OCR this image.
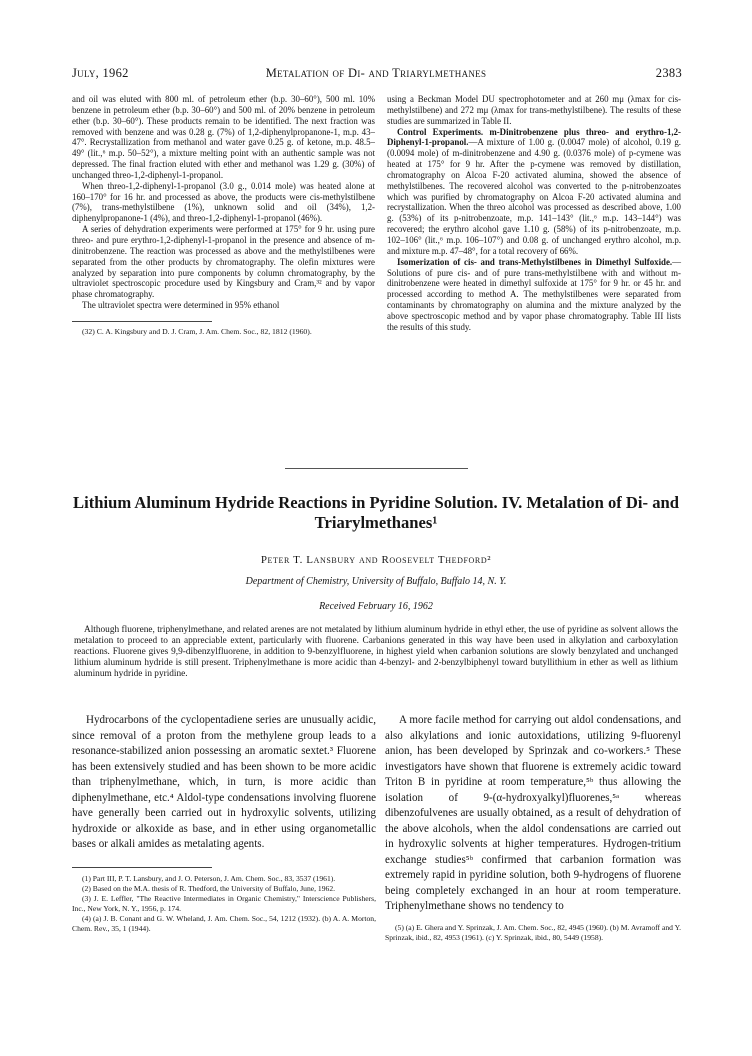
July, 1962	Metalation of Di- and Triarylmethanes	2383

and oil was eluted with 800 ml. of petroleum ether (b.p. 30–60°), 500 ml. 10% benzene in petroleum ether (b.p. 30–60°) and 500 ml. of 20% benzene in petroleum ether (b.p. 30–60°). These products remain to be identified. The next fraction was removed with benzene and was 0.28 g. (7%) of 1,2-diphenylpropanone-1, m.p. 43–47°. Recrystallization from methanol and water gave 0.25 g. of ketone, m.p. 48.5–49° (lit.,⁶ m.p. 50–52°), a mixture melting point with an authentic sample was not depressed. The final fraction eluted with ether and methanol was 1.29 g. (30%) of unchanged threo-1,2-diphenyl-1-propanol.

When threo-1,2-diphenyl-1-propanol (3.0 g., 0.014 mole) was heated alone at 160–170° for 16 hr. and processed as above, the products were cis-methylstilbene (7%), trans-methylstilbene (1%), unknown solid and oil (34%), 1,2-diphenylpropanone-1 (4%), and threo-1,2-diphenyl-1-propanol (46%).

A series of dehydration experiments were performed at 175° for 9 hr. using pure threo- and pure erythro-1,2-diphenyl-1-propanol in the presence and absence of m-dinitrobenzene. The reaction was processed as above and the methylstilbenes were separated from the other products by chromatography. The olefin mixtures were analyzed by separation into pure components by column chromatography, by the ultraviolet spectroscopic procedure used by Kingsbury and Cram,³² and by vapor phase chromatography.

The ultraviolet spectra were determined in 95% ethanol

(32) C. A. Kingsbury and D. J. Cram, J. Am. Chem. Soc., 82, 1812 (1960).

using a Beckman Model DU spectrophotometer and at 260 mμ (λmax for cis-methylstilbene) and 272 mμ (λmax for trans-methylstilbene). The results of these studies are summarized in Table II.

Control Experiments. m-Dinitrobenzene plus threo- and erythro-1,2-Diphenyl-1-propanol.—A mixture of 1.00 g. (0.0047 mole) of alcohol, 0.19 g. (0.0094 mole) of m-dinitrobenzene and 4.90 g. (0.0376 mole) of p-cymene was heated at 175° for 9 hr. After the p-cymene was removed by distillation, chromatography on Alcoa F-20 activated alumina, showed the absence of methylstilbenes. The recovered alcohol was converted to the p-nitrobenzoates which was purified by chromatography on Alcoa F-20 activated alumina and recrystallization. When the threo alcohol was processed as described above, 1.00 g. (53%) of its p-nitrobenzoate, m.p. 141–143° (lit.,⁶ m.p. 143–144°) was recovered; the erythro alcohol gave 1.10 g. (58%) of its p-nitrobenzoate, m.p. 102–106° (lit.,⁶ m.p. 106–107°) and 0.08 g. of unchanged erythro alcohol, m.p. and mixture m.p. 47–48°, for a total recovery of 66%.

Isomerization of cis- and trans-Methylstilbenes in Dimethyl Sulfoxide.—Solutions of pure cis- and of pure trans-methylstilbene with and without m-dinitrobenzene were heated in dimethyl sulfoxide at 175° for 9 hr. or 45 hr. and processed according to method A. The methylstilbenes were separated from contaminants by chromatography on alumina and the mixture analyzed by the above spectroscopic method and by vapor phase chromatography. Table III lists the results of this study.

Lithium Aluminum Hydride Reactions in Pyridine Solution. IV. Metalation of Di- and Triarylmethanes¹
Peter T. Lansbury and Roosevelt Thedford²
Department of Chemistry, University of Buffalo, Buffalo 14, N. Y.
Received February 16, 1962
Although fluorene, triphenylmethane, and related arenes are not metalated by lithium aluminum hydride in ethyl ether, the use of pyridine as solvent allows the metalation to proceed to an appreciable extent, particularly with fluorene. Carbanions generated in this way have been used in alkylation and carboxylation reactions. Fluorene gives 9,9-dibenzylfluorene, in addition to 9-benzylfluorene, in highest yield when carbanion solutions are slowly benzylated and unchanged lithium aluminum hydride is still present. Triphenylmethane is more acidic than 4-benzyl- and 2-benzylbiphenyl toward butyllithium in ether as well as lithium aluminum hydride in pyridine.
Hydrocarbons of the cyclopentadiene series are unusually acidic, since removal of a proton from the methylene group leads to a resonance-stabilized anion possessing an aromatic sextet.³ Fluorene has been extensively studied and has been shown to be more acidic than triphenylmethane, which, in turn, is more acidic than diphenylmethane, etc.⁴ Aldol-type condensations involving fluorene have generally been carried out in hydroxylic solvents, utilizing hydroxide or alkoxide as base, and in ether using organometallic bases or alkali amides as metalating agents.

(1) Part III, P. T. Lansbury, and J. O. Peterson, J. Am. Chem. Soc., 83, 3537 (1961).

(2) Based on the M.A. thesis of R. Thedford, the University of Buffalo, June, 1962.

(3) J. E. Leffler, "The Reactive Intermediates in Organic Chemistry," Interscience Publishers, Inc., New York, N. Y., 1956, p. 174.

(4) (a) J. B. Conant and G. W. Wheland, J. Am. Chem. Soc., 54, 1212 (1932). (b) A. A. Morton, Chem. Rev., 35, 1 (1944).

A more facile method for carrying out aldol condensations, and also alkylations and ionic autoxidations, utilizing 9-fluorenyl anion, has been developed by Sprinzak and co-workers.⁵ These investigators have shown that fluorene is extremely acidic toward Triton B in pyridine at room temperature,⁵ᵇ thus allowing the isolation of 9-(α-hydroxyalkyl)fluorenes,⁵ᵃ whereas dibenzofulvenes are usually obtained, as a result of dehydration of the above alcohols, when the aldol condensations are carried out in hydroxylic solvents at higher temperatures. Hydrogen-tritium exchange studies⁵ᵇ confirmed that carbanion formation was extremely rapid in pyridine solution, both 9-hydrogens of fluorene being completely exchanged in an hour at room temperature. Triphenylmethane shows no tendency to

(5) (a) E. Ghera and Y. Sprinzak, J. Am. Chem. Soc., 82, 4945 (1960). (b) M. Avramoff and Y. Sprinzak, ibid., 82, 4953 (1961). (c) Y. Sprinzak, ibid., 80, 5449 (1958).
